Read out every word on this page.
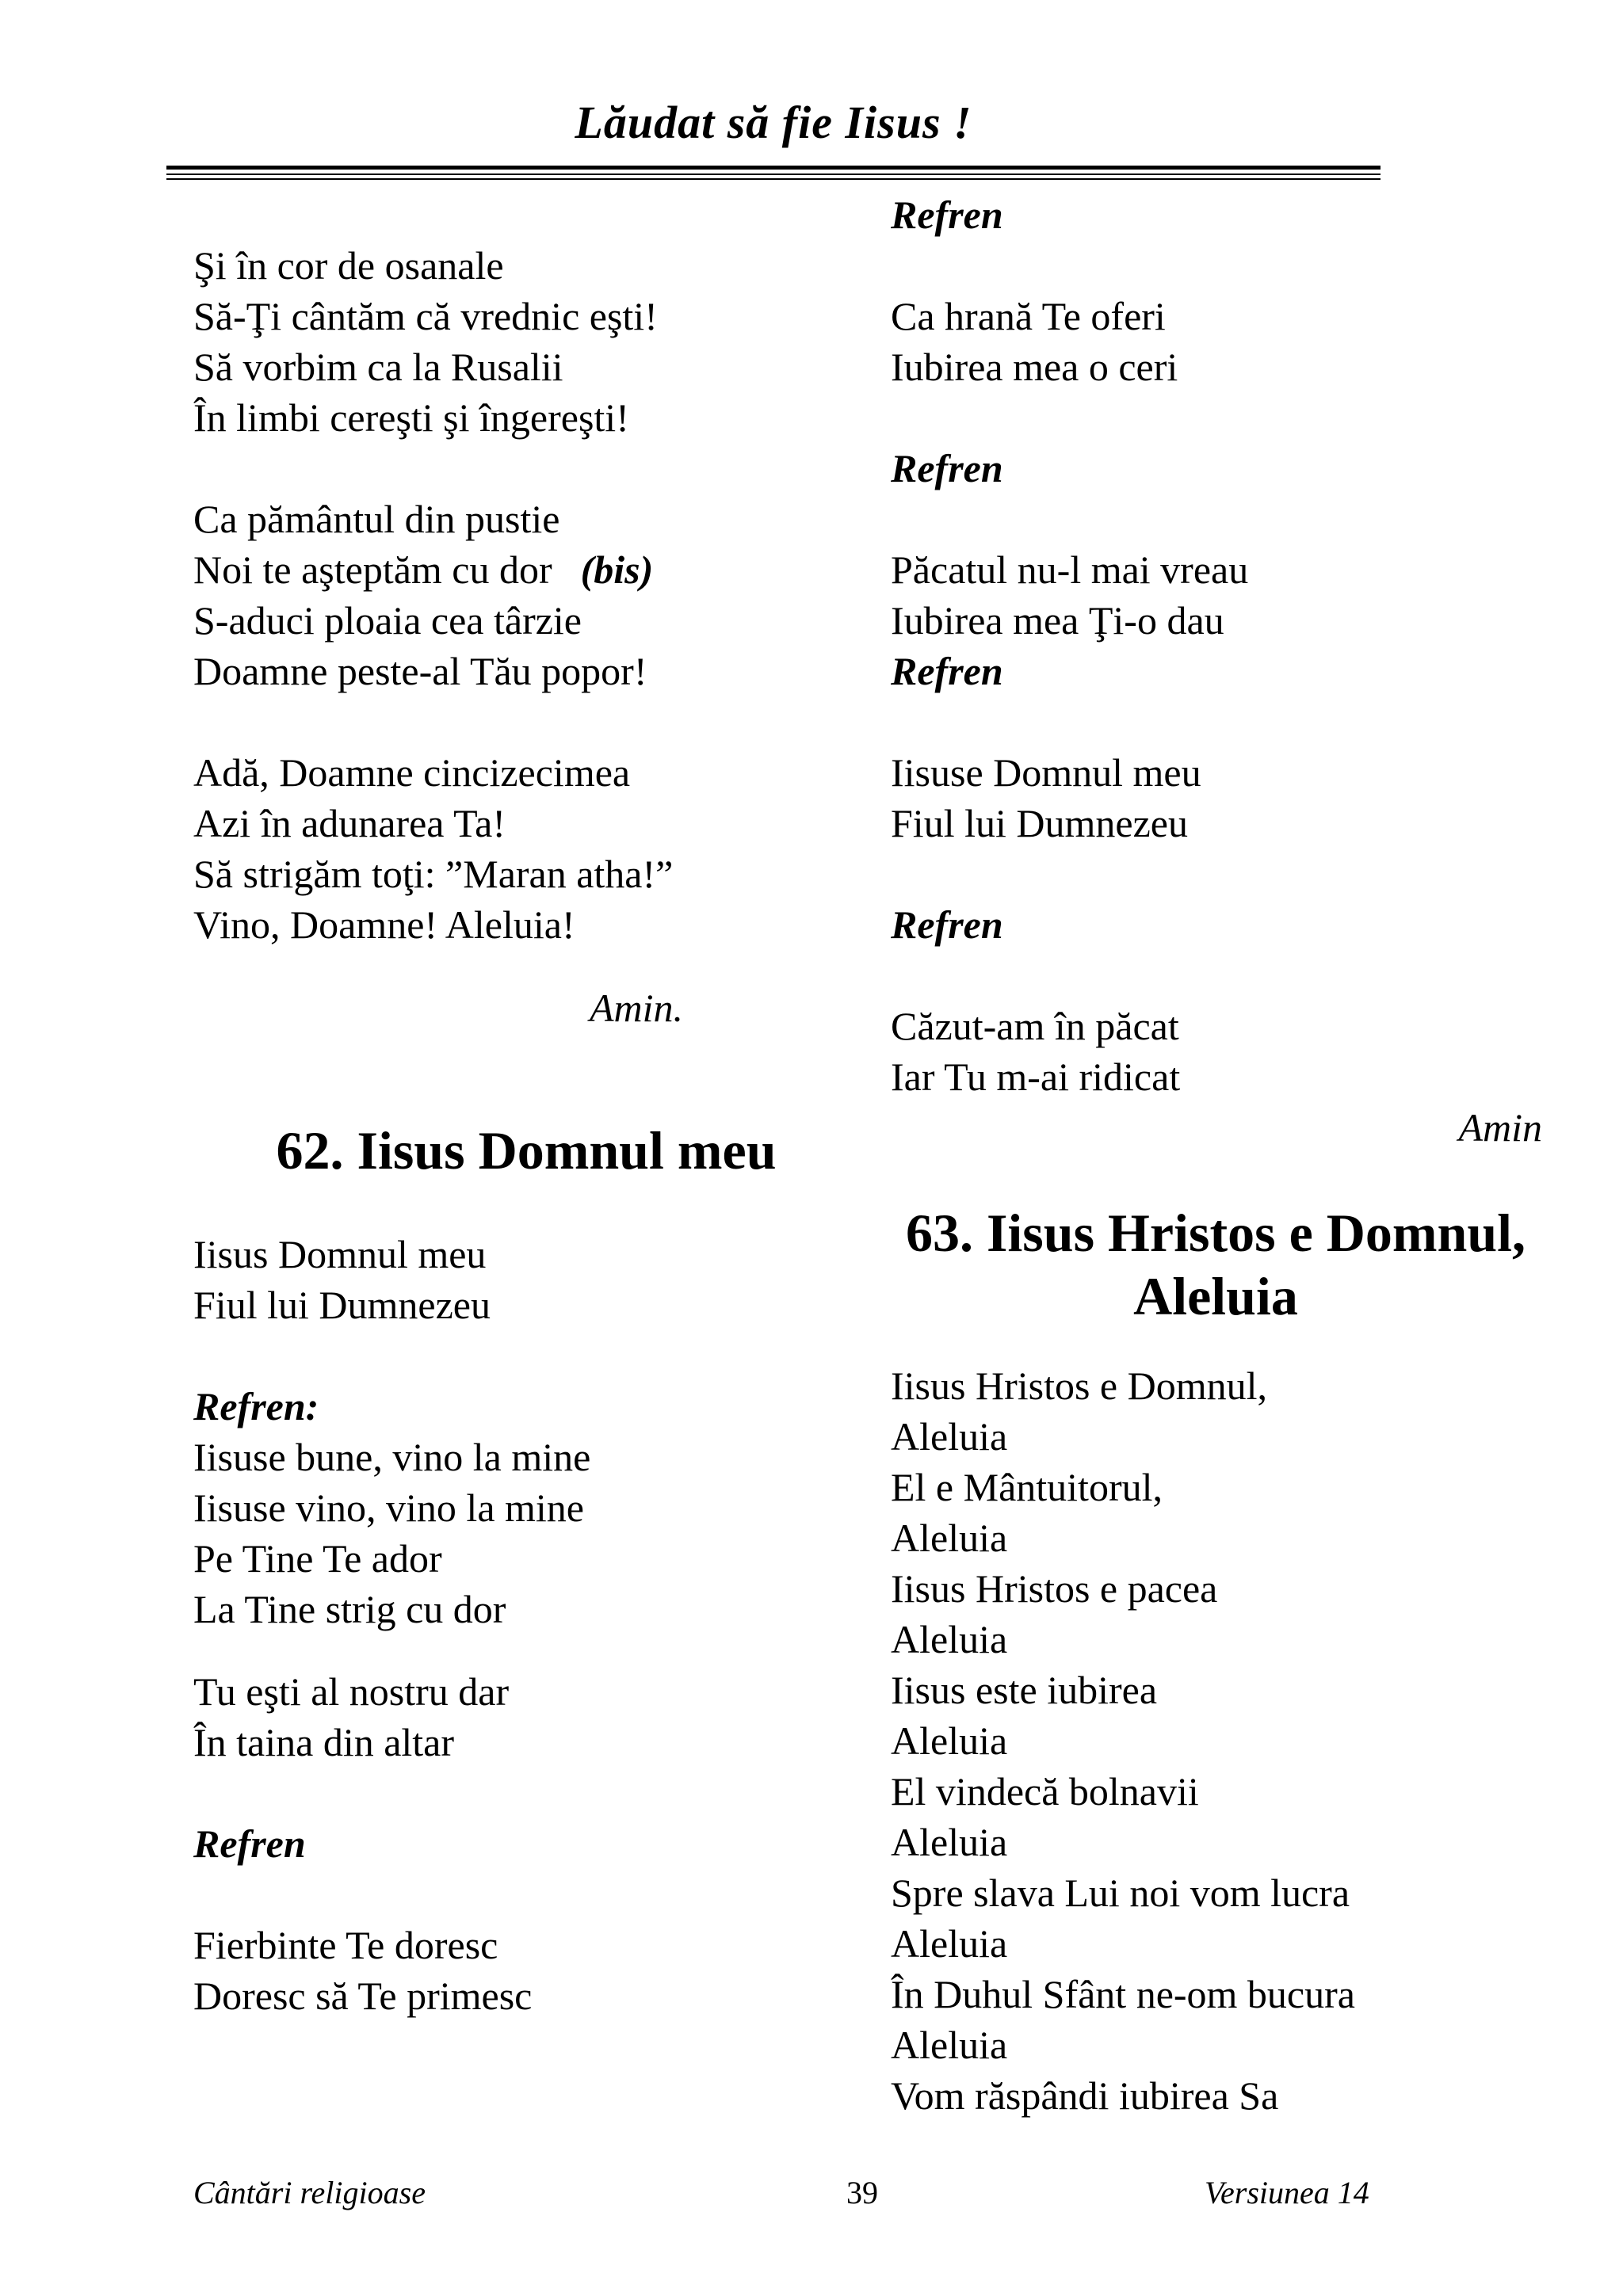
Lăudat să fie Iisus !
Şi în cor de osanale
Să-Ţi cântăm că vrednic eşti!
Să vorbim ca la Rusalii
În limbi cereşti şi îngereşti!
Ca pământul din pustie
Noi te aşteptăm cu dor (bis)
S-aduci ploaia cea târzie
Doamne peste-al Tău popor!
Adă, Doamne cincizecimea
Azi în adunarea Ta!
Să strigăm toţi: ”Maran atha!”
Vino, Doamne! Aleluia!
Amin.
62. Iisus Domnul meu
Iisus Domnul meu
Fiul lui Dumnezeu
Refren:
Iisuse bune, vino la mine
Iisuse vino, vino la mine
Pe Tine Te ador
La Tine strig cu dor
Tu eşti al nostru dar
În taina din altar
Refren
Fierbinte Te doresc
Doresc să Te primesc
Refren
Ca hrană Te oferi
Iubirea mea o ceri
Refren
Păcatul nu-l mai vreau
Iubirea mea Ţi-o dau
Refren
Iisuse Domnul meu
Fiul lui Dumnezeu
Refren
Căzut-am în păcat
Iar Tu m-ai ridicat
Amin
63. Iisus Hristos e Domnul,
Aleluia
Iisus Hristos e Domnul,
Aleluia
El e Mântuitorul,
Aleluia
Iisus Hristos e pacea
Aleluia
Iisus este iubirea
Aleluia
El vindecă bolnavii
Aleluia
Spre slava Lui noi vom lucra
Aleluia
În Duhul Sfânt ne-om bucura
Aleluia
Vom răspândi iubirea Sa
Cântări religioase	39	Versiunea 14
